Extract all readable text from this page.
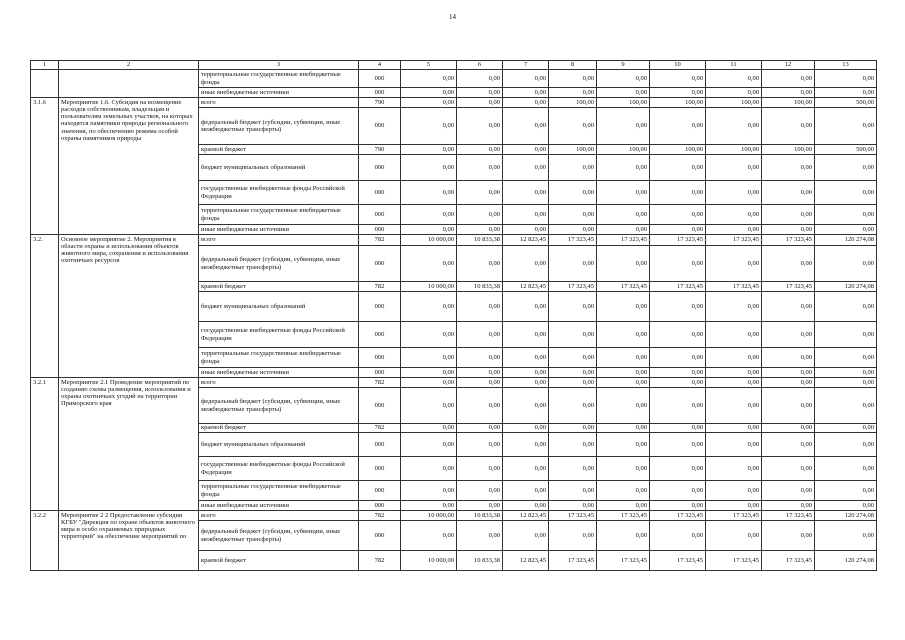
14
1	2	3	4	5	6	7	8	9	10	11	12	13
		территориальные государственные внебюджетные фонды	000	0,00	0,00	0,00	0,00	0,00	0,00	0,00	0,00	0,00
		иные внебюджетные источники	000	0,00	0,00	0,00	0,00	0,00	0,00	0,00	0,00	0,00
3.1.6	Мероприятие 1.6. Субсидия на возмещение расходов собственникам, владельцам и пользователям земельных участков, на которых находятся памятники природы регионального значения, по обеспечению режима особой охраны памятников природы	всего	790	0,00	0,00	0,00	100,00	100,00	100,00	100,00	100,00	500,00
		федеральный бюджет (субсидии, субвенции, иные межбюджетные трансферты)	000	0,00	0,00	0,00	0,00	0,00	0,00	0,00	0,00	0,00
		краевой бюджет	790	0,00	0,00	0,00	100,00	100,00	100,00	100,00	100,00	500,00
		бюджет муниципальных образований	000	0,00	0,00	0,00	0,00	0,00	0,00	0,00	0,00	0,00
		государственные внебюджетные фонды Российской Федерации	000	0,00	0,00	0,00	0,00	0,00	0,00	0,00	0,00	0,00
		территориальные государственные внебюджетные фонды	000	0,00	0,00	0,00	0,00	0,00	0,00	0,00	0,00	0,00
		иные внебюджетные источники	000	0,00	0,00	0,00	0,00	0,00	0,00	0,00	0,00	0,00
3.2.	Основное мероприятие 2. Мероприятия в области охраны и использования объектов животного мира, сохранения и использования охотничьих ресурсов	всего	782	10 000,00	10 833,38	12 823,45	17 323,45	17 323,45	17 323,45	17 323,45	17 323,45	120 274,08
		федеральный бюджет (субсидии, субвенции, иные межбюджетные трансферты)	000	0,00	0,00	0,00	0,00	0,00	0,00	0,00	0,00	0,00
		краевой бюджет	782	10 000,00	10 833,38	12 823,45	17 323,45	17 323,45	17 323,45	17 323,45	17 323,45	120 274,08
		бюджет муниципальных образований	000	0,00	0,00	0,00	0,00	0,00	0,00	0,00	0,00	0,00
		государственные внебюджетные фонды Российской Федерации	000	0,00	0,00	0,00	0,00	0,00	0,00	0,00	0,00	0,00
		территориальные государственные внебюджетные фонды	000	0,00	0,00	0,00	0,00	0,00	0,00	0,00	0,00	0,00
		иные внебюджетные источники	000	0,00	0,00	0,00	0,00	0,00	0,00	0,00	0,00	0,00
3.2.1	Мероприятие 2.1 Проведение мероприятий по созданию схемы размещения, использования и охраны охотничьих угодий на территории Приморского края	всего	782	0,00	0,00	0,00	0,00	0,00	0,00	0,00	0,00	0,00
		федеральный бюджет (субсидии, субвенции, иные межбюджетные трансферты)	000	0,00	0,00	0,00	0,00	0,00	0,00	0,00	0,00	0,00
		краевой бюджет	782	0,00	0,00	0,00	0,00	0,00	0,00	0,00	0,00	0,00
		бюджет муниципальных образований	000	0,00	0,00	0,00	0,00	0,00	0,00	0,00	0,00	0,00
		государственные внебюджетные фонды Российской Федерации	000	0,00	0,00	0,00	0,00	0,00	0,00	0,00	0,00	0,00
		территориальные государственные внебюджетные фонды	000	0,00	0,00	0,00	0,00	0,00	0,00	0,00	0,00	0,00
		иные внебюджетные источники	000	0,00	0,00	0,00	0,00	0,00	0,00	0,00	0,00	0,00
3.2.2	Мероприятие 2 2 Предоставление субсидии КГБУ "Дирекция по охране объектов животного мира и особо охраняемых природных территорий" на обеспечение мероприятий по	всего	782	10 000,00	10 833,38	12 823,45	17 323,45	17 323,45	17 323,45	17 323,45	17 323,45	120 274,08
		федеральный бюджет (субсидии, субвенции, иные межбюджетные трансферты)	000	0,00	0,00	0,00	0,00	0,00	0,00	0,00	0,00	0,00
		краевой бюджет	782	10 000,00	10 833,38	12 823,45	17 323,45	17 323,45	17 323,45	17 323,45	17 323,45	120 274,08
